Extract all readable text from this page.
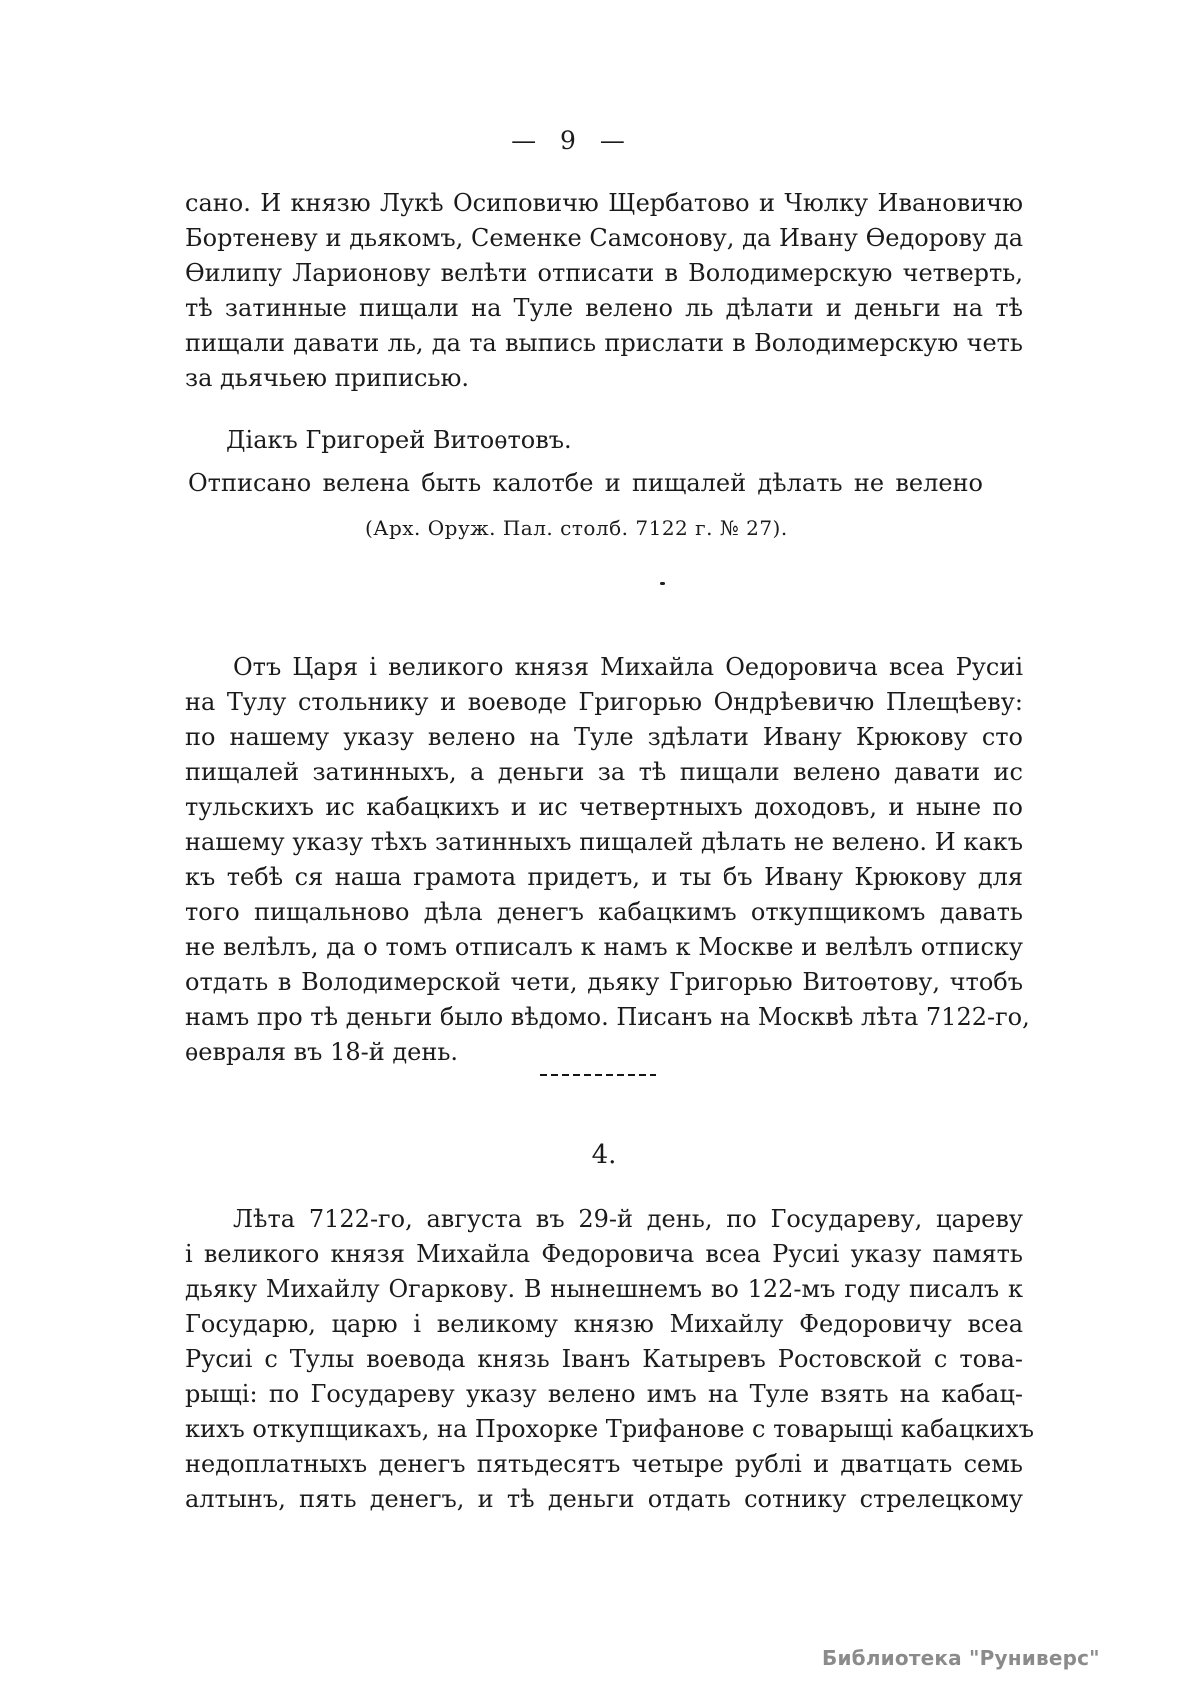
— 9 —
сано. И князю Лукѣ Осиповичю Щербатово и Чюлку Ивановичю
Бортеневу и дьякомъ, Семенке Самсонову, да Ивану Ѳедорову да
Ѳилипу Ларионову велѣти отписати в Володимерскую четверть,
тѣ затинные пищали на Туле велено ль дѣлати и деньги на тѣ
пищали давати ль, да та выпись прислати в Володимерскую четь
за дьячьею приписью.
Діакъ Григорей Витоѳтовъ.
Отписано велена быть калотбе и пищалей дѣлать не велено
(Арх. Оруж. Пал. столб. 7122 г. № 27).
Отъ Царя і великого князя Михайла Оедоровича всеа Русиі
на Тулу стольнику и воеводе Григорью Ондрѣевичю Плещѣеву:
по нашему указу велено на Туле здѣлати Ивану Крюкову сто
пищалей затинныхъ, а деньги за тѣ пищали велено давати ис
тульскихъ ис кабацкихъ и ис четвертныхъ доходовъ, и ныне по
нашему указу тѣхъ затинныхъ пищалей дѣлать не велено. И какъ
къ тебѣ ся наша грамота придетъ, и ты бъ Ивану Крюкову для
того пищальново дѣла денегъ кабацкимъ откупщикомъ давать
не велѣлъ, да о томъ отписалъ к намъ к Москве и велѣлъ отписку
отдать в Володимерской чети, дьяку Григорью Витоѳтову, чтобъ
намъ про тѣ деньги было вѣдомо. Писанъ на Москвѣ лѣта 7122-го,
ѳевраля въ 18-й день.
4.
Лѣта 7122-го, августа въ 29-й день, по Государеву, цареву
і великого князя Михайла Федоровича всеа Русиі указу память
дьяку Михайлу Огаркову. В нынешнемъ во 122-мъ году писалъ к
Государю, царю і великому князю Михайлу Федоровичу всеа
Русиі с Тулы воевода князь Іванъ Катыревъ Ростовской с това-
рыщі: по Государеву указу велено имъ на Туле взять на кабац-
кихъ откупщикахъ, на Прохорке Трифанове с товарыщі кабацкихъ
недоплатныхъ денегъ пятьдесятъ четыре рублі и дватцать семь
алтынъ, пять денегъ, и тѣ деньги отдать сотнику стрелецкому
Библиотека "Руниверс"
